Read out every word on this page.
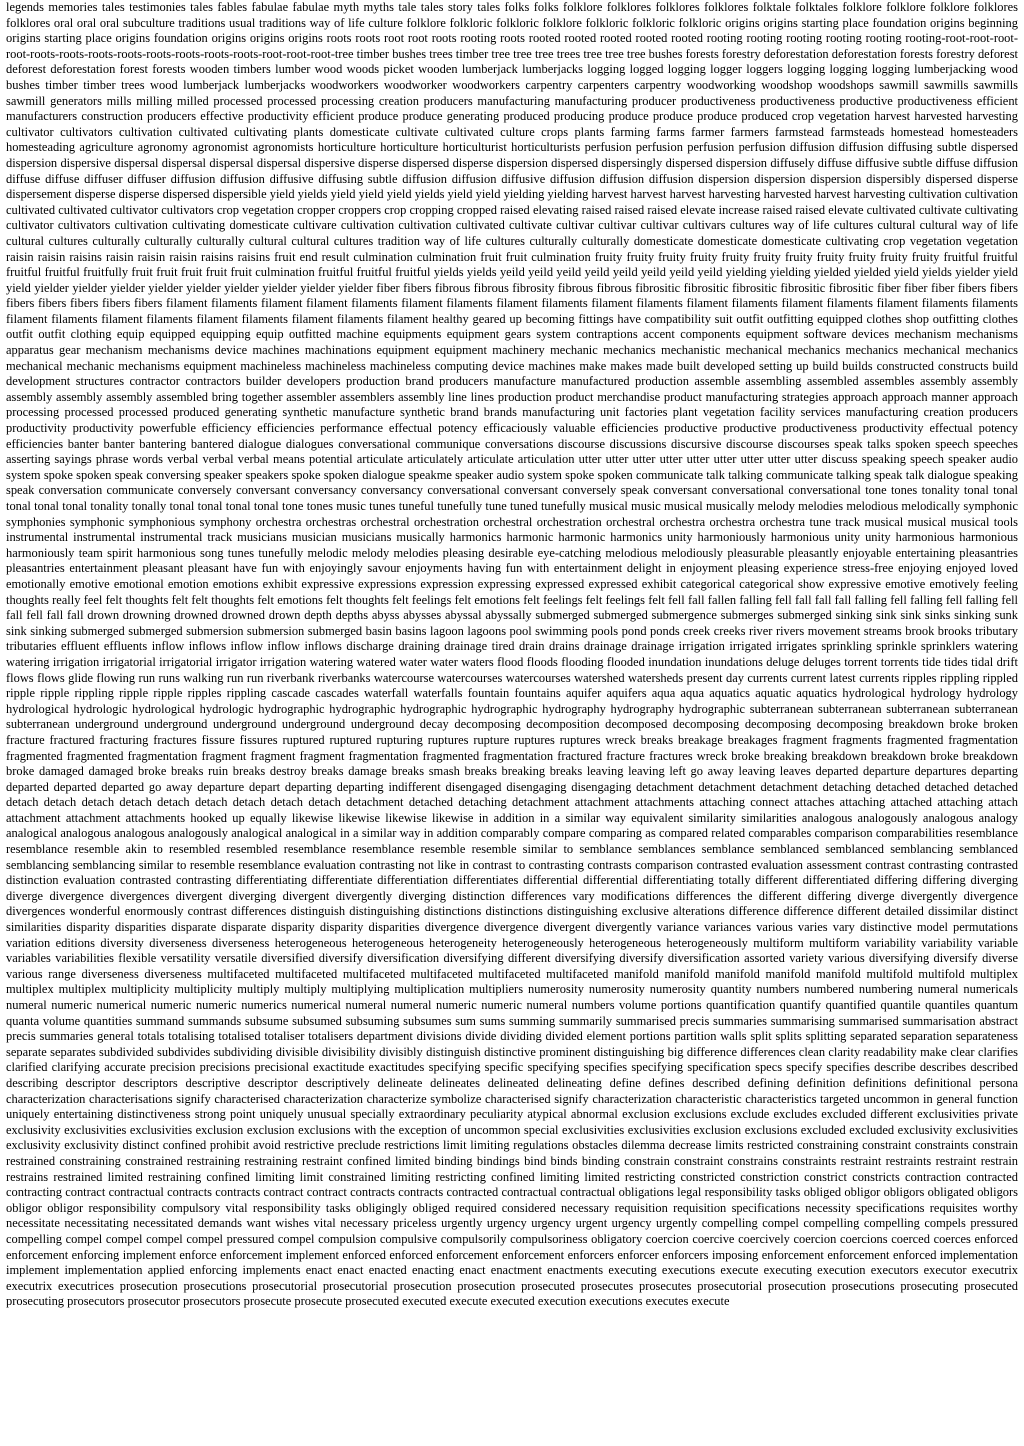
legends memories tales testimonies tales fables fabulae fabulae myth myths tale tales story tales folks folks folklore folklores folklores folklores folktale folktales folklore folklore folklore folklores folklores oral oral oral subculture traditions usual traditions way of life culture folklore folkloric folkloric folklore folkloric folkloric folkloric origins origins starting place foundation origins beginning origins starting place origins foundation origins origins origins roots roots root root roots rooting roots rooted rooted rooted rooted rooted rooting rooting rooting rooting rooting rooting-root-root-root-root-roots-roots-roots-roots-roots-roots-roots-roots-root-root-root-tree timber bushes trees timber tree tree tree trees tree tree tree bushes forests forestry deforestation deforestation forests forestry deforest deforest deforestation forest forests wooden timbers lumber wood woods picket wooden lumberjack lumberjacks logging logged logging logger loggers logging logging logging lumberjacking wood bushes timber timber trees wood lumberjack lumberjacks woodworkers woodworker woodworkers carpentry carpenters carpentry woodworking woodshop woodshops sawmill sawmills sawmills sawmill generators mills milling milled processed processed processing creation producers manufacturing manufacturing producer productiveness productiveness productive productiveness efficient manufacturers construction producers effective productivity efficient produce produce generating produced producing produce produce produce produced crop vegetation harvest harvested harvesting cultivator cultivators cultivation cultivated cultivating plants domesticate cultivate cultivated culture crops plants farming farms farmer farmers farmstead farmsteads homestead homesteaders homesteading agriculture agronomy agronomist agronomists horticulture horticulture horticulturist horticulturists perfusion perfusion perfusion perfusion diffusion diffusion diffusing subtle dispersed dispersion dispersive dispersal dispersal dispersal dispersal dispersive disperse dispersed disperse dispersion dispersed dispersingly dispersed dispersion diffusely diffuse diffusive subtle diffuse diffusion diffuse diffuse diffuser diffuser diffusion diffusion diffusive diffusing subtle diffusion diffusion diffusive diffusion diffusion diffusion dispersion dispersion dispersion dispersibly dispersed disperse dispersement disperse disperse dispersed dispersible yield yields yield yield yield yields yield yield yielding yielding harvest harvest harvest harvesting harvested harvest harvesting cultivation cultivation cultivated cultivated cultivator cultivators crop vegetation cropper croppers crop cropping cropped raised elevating raised raised raised elevate increase raised raised elevate cultivated cultivate cultivating cultivator cultivators cultivation cultivating domesticate cultivare cultivation cultivation cultivated cultivate cultivar cultivar cultivar cultivars cultures way of life cultures cultural cultural way of life cultural cultures culturally culturally culturally cultural cultural cultures tradition way of life cultures culturally culturally domesticate domesticate domesticate cultivating crop vegetation vegetation raisin raisin raisins raisin raisin raisin raisins raisins fruit end result culmination culmination fruit fruit culmination fruity fruity fruity fruity fruity fruity fruity fruity fruity fruity fruity fruitful fruitful fruitful fruitful fruitfully fruit fruit fruit fruit fruit culmination fruitful fruitful fruitful yields yields yeild yeild yeild yeild yeild yeild yeild yeild yielding yielding yielded yielded yield yields yielder yield yield yielder yielder yielder yielder yielder yielder yielder yielder yielder fiber fibers fibrous fibrous fibrosity fibrous fibrous fibrositic fibrositic fibrositic fibrositic fibrositic fiber fiber fiber fibers fibers fibers fibers fibers fibers fibers filament filaments filament filament filaments filament filaments filament filaments filament filaments filament filaments filament filaments filament filaments filaments filament filaments filament filaments filament filaments filament filaments filament healthy geared up becoming fittings have compatibility suit outfit outfitting equipped clothes shop outfitting clothes outfit outfit clothing equip equipped equipping equip outfitted machine equipments equipment gears system contraptions accent components equipment software devices mechanism mechanisms apparatus gear mechanism mechanisms device machines machinations equipment equipment machinery mechanic mechanics mechanistic mechanical mechanics mechanics mechanical mechanics mechanical mechanic mechanisms equipment machineless machineless machineless computing device machines make makes made built developed setting up build builds constructed constructs build development structures contractor contractors builder developers production brand producers manufacture manufactured production assemble assembling assembled assembles assembly assembly assembly assembly assembly assembled bring together assembler assemblers assembly line lines production product merchandise product manufacturing strategies approach approach manner approach processing processed processed produced generating synthetic manufacture synthetic brand brands manufacturing unit factories plant vegetation facility services manufacturing creation producers productivity productivity powerfuble efficiency efficiencies performance effectual potency efficaciously valuable efficiencies productive productive productiveness productivity effectual potency efficiencies banter banter bantering bantered dialogue dialogues conversational communique conversations discourse discussions discursive discourse discourses speak talks spoken speech speeches asserting sayings phrase words verbal verbal verbal means potential articulate articulately articulate articulation utter utter utter utter utter utter utter utter utter discuss speaking speech speaker audio system spoke spoken speak conversing speaker speakers spoke spoken dialogue speakme speaker audio system spoke spoken communicate talk talking communicate talking speak talk dialogue speaking speak conversation communicate conversely conversant conversancy conversancy conversational conversant conversely speak conversant conversational conversational tone tones tonality tonal tonal tonal tonal tonal tonality tonally tonal tonal tonal tonal tone tones music tunes tuneful tunefully tune tuned tunefully musical music musical musically melody melodies melodious melodically symphonic symphonies symphonic symphonious symphony orchestra orchestras orchestral orchestration orchestral orchestration orchestral orchestra orchestra orchestra tune track musical musical musical tools instrumental instrumental instrumental track musicians musician musicians musically harmonics harmonic harmonic harmonics unity harmoniously harmonious unity unity harmonious harmonious harmoniously team spirit harmonious song tunes tunefully melodic melody melodies pleasing desirable eye-catching melodious melodiously pleasurable pleasantly enjoyable entertaining pleasantries pleasantries entertainment pleasant pleasant have fun with enjoyingly savour enjoyments having fun with entertainment delight in enjoyment pleasing experience stress-free enjoying enjoyed loved emotionally emotive emotional emotion emotions exhibit expressive expressions expression expressing expressed expressed exhibit categorical categorical show expressive emotive emotively feeling thoughts really feel felt thoughts felt felt thoughts felt emotions felt thoughts felt feelings felt emotions felt feelings felt feelings felt fell fall fallen falling fell fall fall fall falling fell falling fell falling fell fall fell fall fall drown drowning drowned drowned drown depth depths abyss abysses abyssal abyssally submerged submerged submergence submerges submerged sinking sink sink sinks sinking sunk sink sinking submerged submerged submersion submersion submerged basin basins lagoon lagoons pool swimming pools pond ponds creek creeks river rivers movement streams brook brooks tributary tributaries effluent effluents inflow inflows inflow inflow inflows discharge draining drainage tired drain drains drainage drainage irrigation irrigated irrigates sprinkling sprinkle sprinklers watering watering irrigation irrigatorial irrigatorial irrigator irrigation watering watered water water waters flood floods flooding flooded inundation inundations deluge deluges torrent torrents tide tides tidal drift flows flows glide flowing run runs walking run run riverbank riverbanks watercourse watercourses watercourses watershed watersheds present day currents current latest currents ripples rippling rippled ripple ripple rippling ripple ripple ripples rippling cascade cascades waterfall waterfalls fountain fountains aquifer aquifers aqua aqua aquatics aquatic aquatics hydrological hydrology hydrology hydrological hydrologic hydrological hydrologic hydrographic hydrographic hydrographic hydrographic hydrography hydrography hydrographic subterranean subterranean subterranean subterranean subterranean underground underground underground underground underground decay decomposing decomposition decomposed decomposing decomposing decomposing breakdown broke broken fracture fractured fracturing fractures fissure fissures ruptured ruptured rupturing ruptures rupture ruptures ruptures wreck breaks breakage breakages fragment fragments fragmented fragmentation fragmented fragmented fragmentation fragment fragment fragment fragmentation fragmented fragmentation fractured fracture fractures wreck broke breaking breakdown breakdown broke breakdown broke damaged damaged broke breaks ruin breaks destroy breaks damage breaks smash breaks breaking breaks leaving leaving left go away leaving leaves departed departure departures departing departed departed departed go away departure depart departing departing indifferent disengaged disengaging disengaging detachment detachment detachment detaching detached detached detached detach detach detach detach detach detach detach detach detach detachment detached detaching detachment attachment attachments attaching connect attaches attaching attached attaching attach attachment attachment attachments hooked up equally likewise likewise likewise likewise in addition in a similar way equivalent similarity similarities analogous analogously analogous analogy analogical analogous analogous analogously analogical analogical in a similar way in addition comparably compare comparing as compared related comparables comparison comparabilities resemblance resemblance resemble akin to resembled resembled resemblance resemblance resemble resemble similar to semblance semblances semblance semblanced semblanced semblancing semblanced semblancing semblancing similar to resemble resemblance evaluation contrasting not like in contrast to contrasting contrasts comparison contrasted evaluation assessment contrast contrasting contrasted distinction evaluation contrasted contrasting differentiating differentiate differentiation differentiates differential differential differentiating totally different differentiated differing differing diverging diverge divergence divergences divergent diverging divergent divergently diverging distinction differences vary modifications differences the different differing diverge divergently divergence divergences wonderful enormously contrast differences distinguish distinguishing distinctions distinctions distinguishing exclusive alterations difference difference different detailed dissimilar distinct similarities disparity disparities disparate disparate disparity disparity disparities divergence divergence divergent divergently variance variances various varies vary distinctive model permutations variation editions diversity diverseness diverseness heterogeneous heterogeneous heterogeneity heterogeneously heterogeneous heterogeneously multiform multiform variability variability variable variables variabilities flexible versatility versatile diversified diversify diversification diversifying different diversifying diversify diversification assorted variety various diversifying diversify diverse various range diverseness diverseness multifaceted multifaceted multifaceted multifaceted multifaceted multifaceted manifold manifold manifold manifold manifold multifold multifold multiplex multiplex multiplex multiplicity multiplicity multiply multiply multiplying multiplication multipliers numerosity numerosity numerosity quantity numbers numbered numbering numeral numericals numeral numeric numerical numeric numeric numerics numerical numeral numeral numeric numeric numeral numbers volume portions quantification quantify quantified quantile quantiles quantum quanta volume quantities summand summands subsume subsumed subsuming subsumes sum sums summing summarily summarised precis summaries summarising summarised summarisation abstract precis summaries general totals totalising totalised totaliser totalisers department divisions divide dividing divided element portions partition walls split splits splitting separated separation separateness separate separates subdivided subdivides subdividing divisible divisibility divisibly distinguish distinctive prominent distinguishing big difference differences clean clarity readability make clear clarifies clarified clarifying accurate precision precisions precisional exactitude exactitudes specifying specific specifying specifies specifying specification specs specify specifies describe describes described describing descriptor descriptors descriptive descriptor descriptively delineate delineates delineated delineating define defines described defining definition definitions definitional persona characterization characterisations signify characterised characterization characterize symbolize characterised signify characterization characteristic characteristics targeted uncommon in general function uniquely entertaining distinctiveness strong point uniquely unusual specially extraordinary peculiarity atypical abnormal exclusion exclusions exclude excludes excluded different exclusivities private exclusivity exclusivities exclusivities exclusion exclusion exclusions with the exception of uncommon special exclusivities exclusivities exclusion exclusions excluded excluded exclusivity exclusivities exclusivity exclusivity distinct confined prohibit avoid restrictive preclude restrictions limit limiting regulations obstacles dilemma decrease limits restricted constraining constraint constraints constrain restrained constraining constrained restraining restraining restraint confined limited binding bindings bind binds binding constrain constraint constrains constraints restraint restraints restraint restrain restrains restrained limited restraining confined limiting limit constrained limiting restricting confined limiting limited restricting constricted constriction constrict constricts contraction contracted contracting contract contractual contracts contracts contract contract contracts contracts contracted contractual contractual obligations legal responsibility tasks obliged obligor obligors obligated obligors obligor obligor responsibility compulsory vital responsibility tasks obligingly obliged required considered necessary requisition requisition specifications necessity specifications requisites worthy necessitate necessitating necessitated demands want wishes vital necessary priceless urgently urgency urgency urgent urgency urgently compelling compel compelling compelling compels pressured compelling compel compel compel compel pressured compel compulsion compulsive compulsorily compulsoriness obligatory coercion coercive coercively coercion coercions coerced coerces enforced enforcement enforcing implement enforce enforcement implement enforced enforced enforcement enforcement enforcers enforcer enforcers imposing enforcement enforcement enforced implementation implement implementation applied enforcing implements enact enact enacted enacting enact enactment enactments executing executions execute executing execution executors executor executrix executrix executrices prosecution prosecutions prosecutorial prosecutorial prosecution prosecution prosecuted prosecutes prosecutes prosecutorial prosecution prosecutions prosecuting prosecuted prosecuting prosecutors prosecutor prosecutors prosecute prosecute prosecuted executed execute executed execution executions executes execute
